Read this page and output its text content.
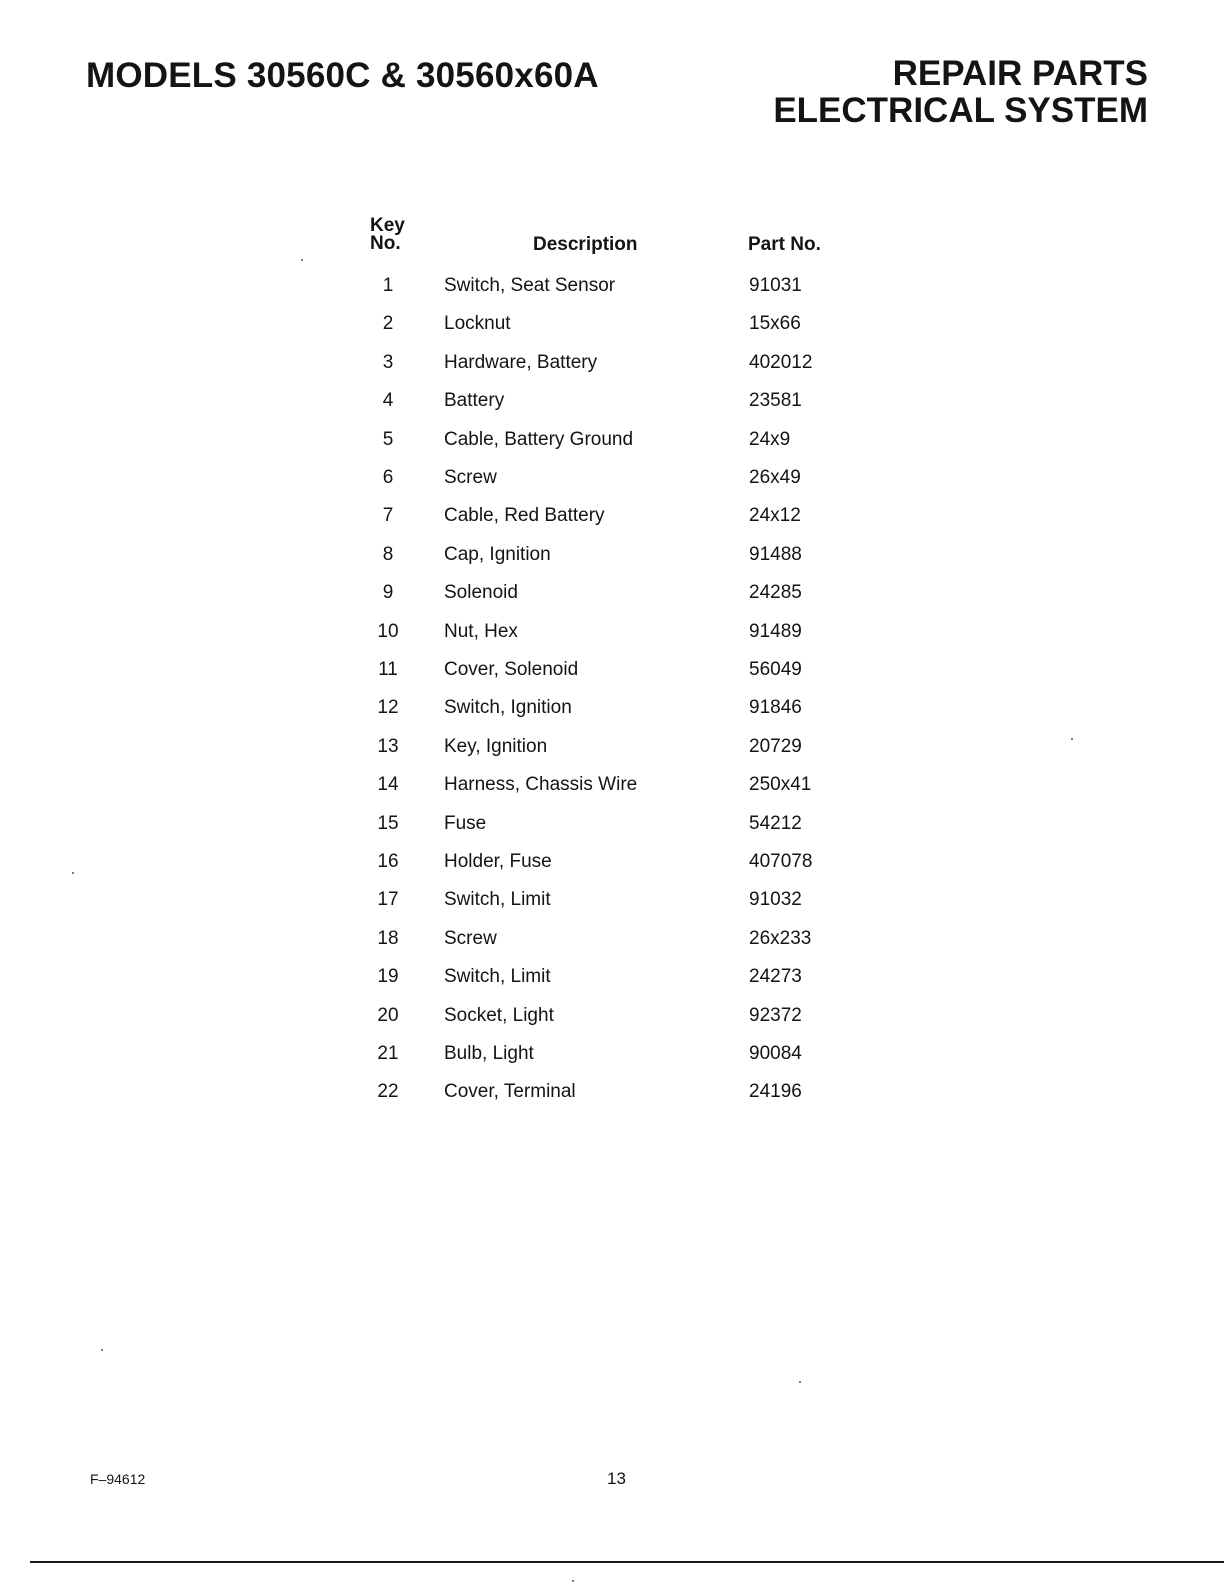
MODELS 30560C & 30560x60A	REPAIR PARTS
ELECTRICAL SYSTEM
Key
No.	Description	Part No.
1	Switch, Seat Sensor	91031
2	Locknut	15x66
3	Hardware, Battery	402012
4	Battery	23581
5	Cable, Battery Ground	24x9
6	Screw	26x49
7	Cable, Red Battery	24x12
8	Cap, Ignition	91488
9	Solenoid	24285
10	Nut, Hex	91489
11	Cover, Solenoid	56049
12	Switch, Ignition	91846
13	Key, Ignition	20729
14	Harness, Chassis Wire	250x41
15	Fuse	54212
16	Holder, Fuse	407078
17	Switch, Limit	91032
18	Screw	26x233
19	Switch, Limit	24273
20	Socket, Light	92372
21	Bulb, Light	90084
22	Cover, Terminal	24196
F–94612	13
